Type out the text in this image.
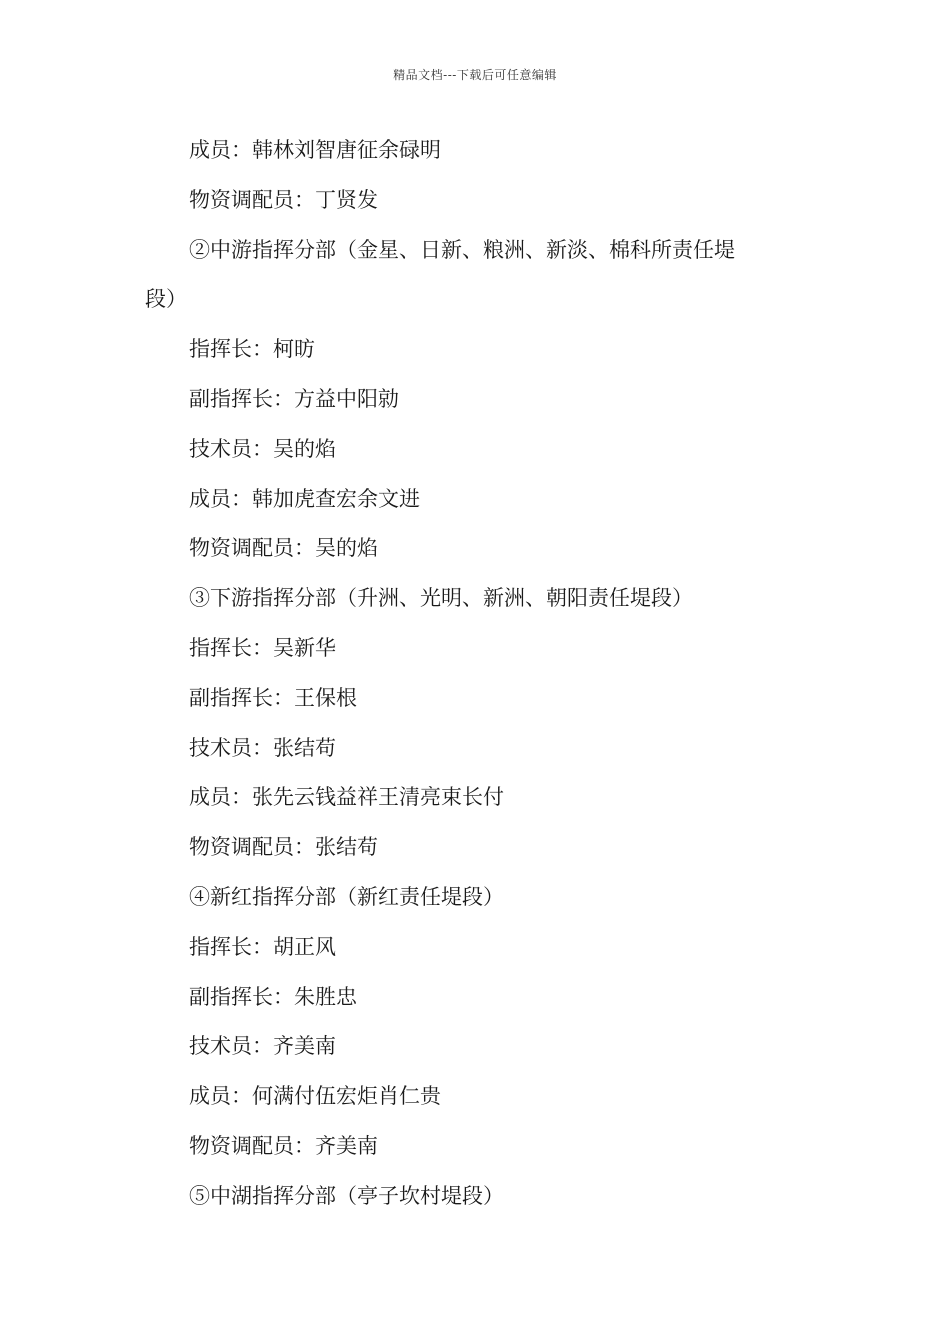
精品文档---下载后可任意编辑
成员：韩林刘智唐征余碌明
物资调配员：丁贤发
②中游指挥分部（金星、日新、粮洲、新淡、棉科所责任堤
段）
指挥长：柯昉
副指挥长：方益中阳勍
技术员：吴的焰
成员：韩加虎查宏余文进
物资调配员：吴的焰
③下游指挥分部（升洲、光明、新洲、朝阳责任堤段）
指挥长：吴新华
副指挥长：王保根
技术员：张结苟
成员：张先云钱益祥王清亮束长付
物资调配员：张结苟
④新红指挥分部（新红责任堤段）
指挥长：胡正风
副指挥长：朱胜忠
技术员：齐美南
成员：何满付伍宏炬肖仁贵
物资调配员：齐美南
⑤中湖指挥分部（亭子坎村堤段）
